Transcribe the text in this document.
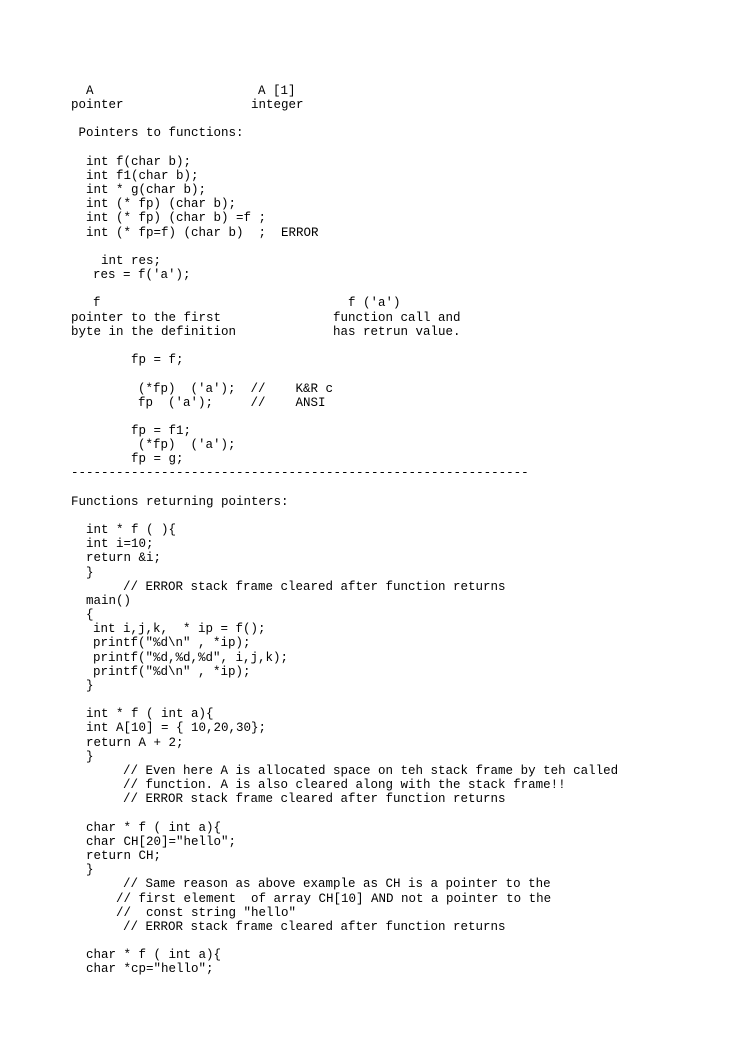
A	A [1]
pointer	integer
Pointers to functions:
int f(char b);
int f1(char b);
int * g(char b);
int (* fp) (char b);
int (* fp) (char b) =f ;
int (* fp=f) (char b)  ;  ERROR
int res;
res = f('a');
f	f ('a')
pointer to the first	function call and
byte in the definition	has retrun value.
fp = f;
(*fp)  ('a');  //    K&R c
fp  ('a');     //    ANSI
fp = f1;
(*fp)  ('a');
fp = g;
-------------------------------------------------------------
Functions returning pointers:
int * f ( ){
int i=10;
return &i;
}
// ERROR stack frame cleared after function returns
main()
{
int i,j,k,  * ip = f();
printf("%d\n" , *ip);
printf("%d,%d,%d", i,j,k);
printf("%d\n" , *ip);
}
int * f ( int a){
int A[10] = { 10,20,30};
return A + 2;
}
// Even here A is allocated space on teh stack frame by teh called
// function. A is also cleared along with the stack frame!!
// ERROR stack frame cleared after function returns
char * f ( int a){
char CH[20]="hello";
return CH;
}
// Same reason as above example as CH is a pointer to the
// first element  of array CH[10] AND not a pointer to the
//  const string "hello"
// ERROR stack frame cleared after function returns
char * f ( int a){
char *cp="hello";
